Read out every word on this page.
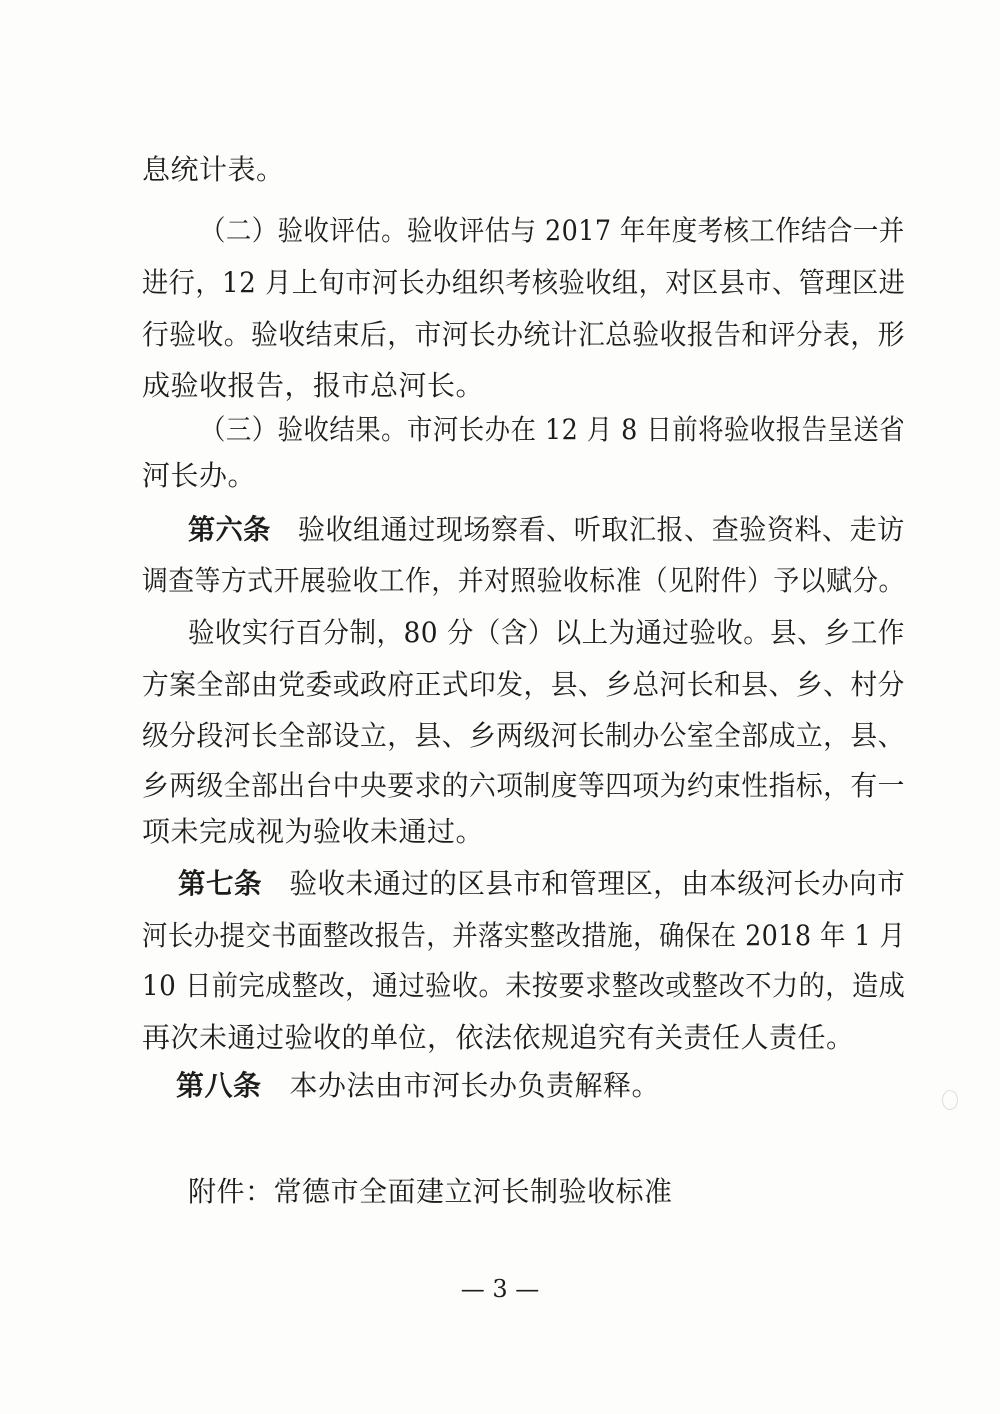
息统计表。
（二）验收评估。验收评估与 2017 年年度考核工作结合一并
进行，12 月上旬市河长办组织考核验收组，对区县市、管理区进
行验收。验收结束后，市河长办统计汇总验收报告和评分表，形
成验收报告，报市总河长。
（三）验收结果。市河长办在 12 月 8 日前将验收报告呈送省
河长办。
第六条 验收组通过现场察看、听取汇报、查验资料、走访
调查等方式开展验收工作，并对照验收标准（见附件）予以赋分。
验收实行百分制，80 分（含）以上为通过验收。县、乡工作
方案全部由党委或政府正式印发，县、乡总河长和县、乡、村分
级分段河长全部设立，县、乡两级河长制办公室全部成立，县、
乡两级全部出台中央要求的六项制度等四项为约束性指标，有一
项未完成视为验收未通过。
第七条 验收未通过的区县市和管理区，由本级河长办向市
河长办提交书面整改报告，并落实整改措施，确保在 2018 年 1 月
10 日前完成整改，通过验收。未按要求整改或整改不力的，造成
再次未通过验收的单位，依法依规追究有关责任人责任。
第八条 本办法由市河长办负责解释。
附件：常德市全面建立河长制验收标准
— 3 —
